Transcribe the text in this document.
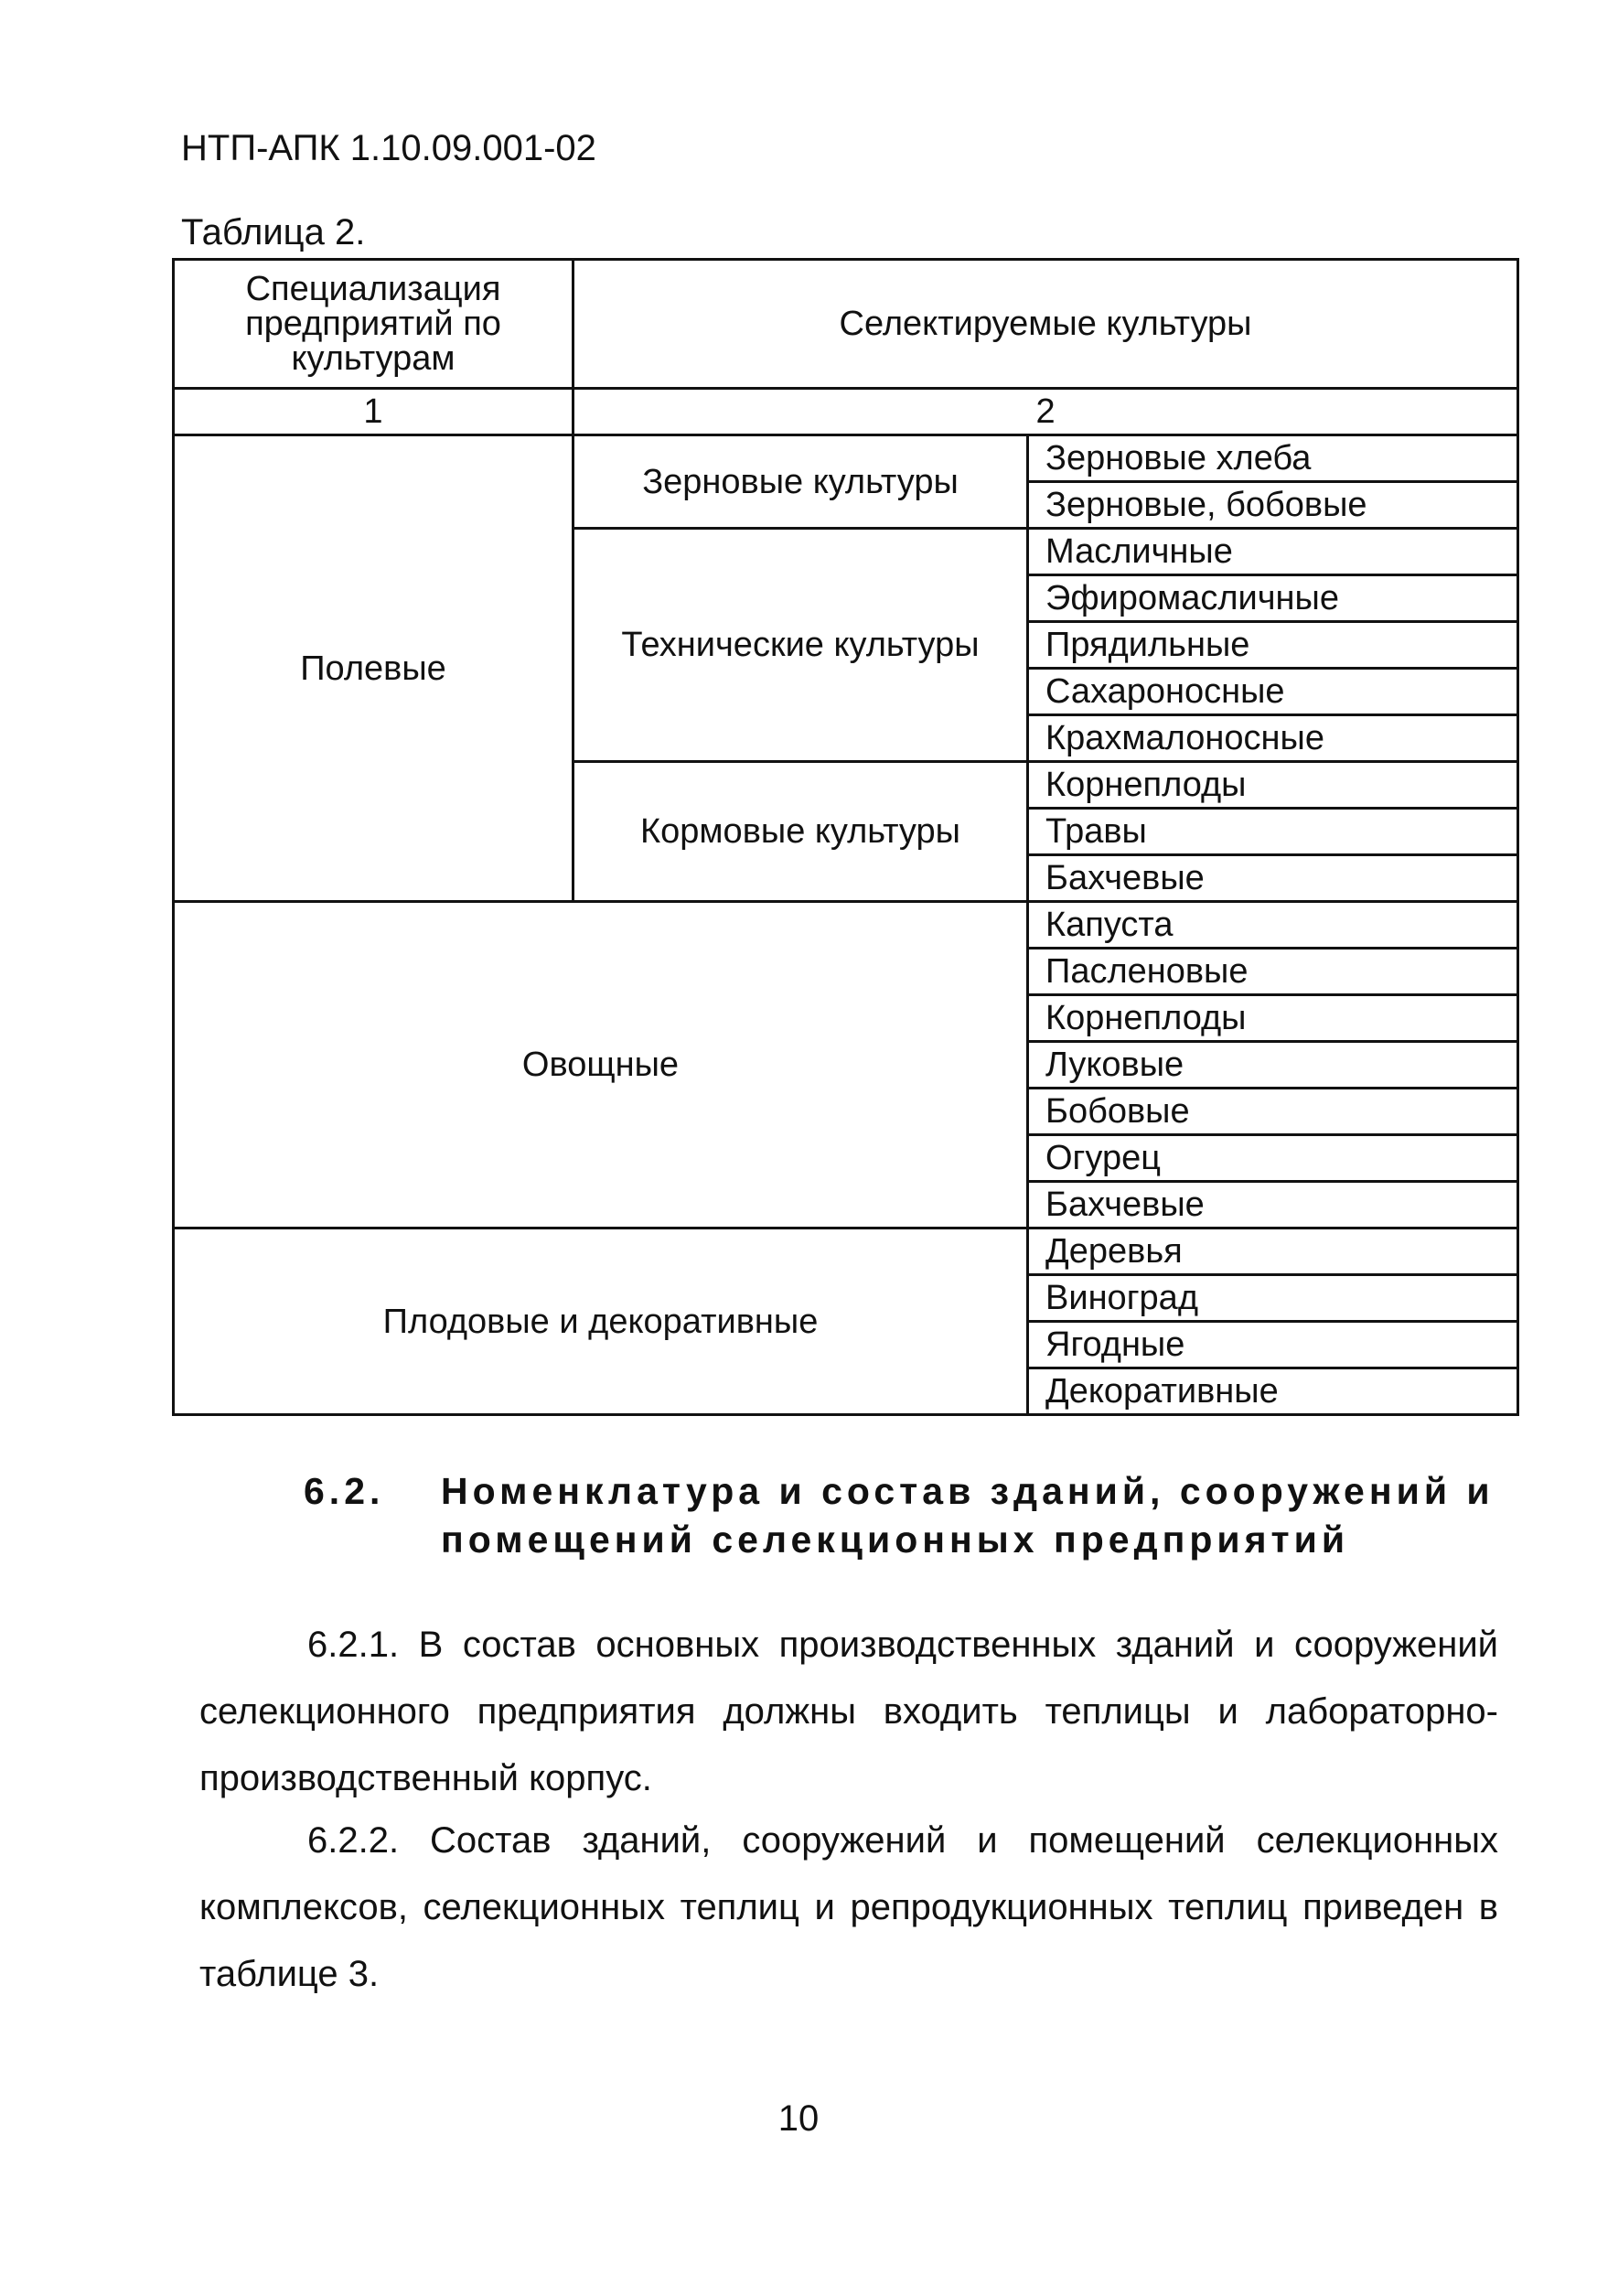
НТП-АПК 1.10.09.001-02
Таблица 2.
Специализация предприятий по культурам	Селектируемые культуры	
1	2	
Полевые	Зерновые культуры	Зерновые хлеба
		Зерновые, бобовые
	Технические культуры	Масличные
		Эфиромасличные
		Прядильные
		Сахароносные
		Крахмалоносные
	Кормовые культуры	Корнеплоды
		Травы
		Бахчевые
Овощные		Капуста
		Пасленовые
		Корнеплоды
		Луковые
		Бобовые
		Огурец
		Бахчевые
Плодовые и декоративные		Деревья
		Виноград
		Ягодные
		Декоративные
6.2. Номенклатура и состав зданий, сооружений и помещений селекционных предприятий
6.2.1. В состав основных производственных зданий и сооружений селекционного предприятия должны входить теплицы и лабораторно-производственный корпус.
6.2.2. Состав зданий, сооружений и помещений селекционных комплексов, селекционных теплиц и репродукционных теплиц приведен в таблице 3.
10
